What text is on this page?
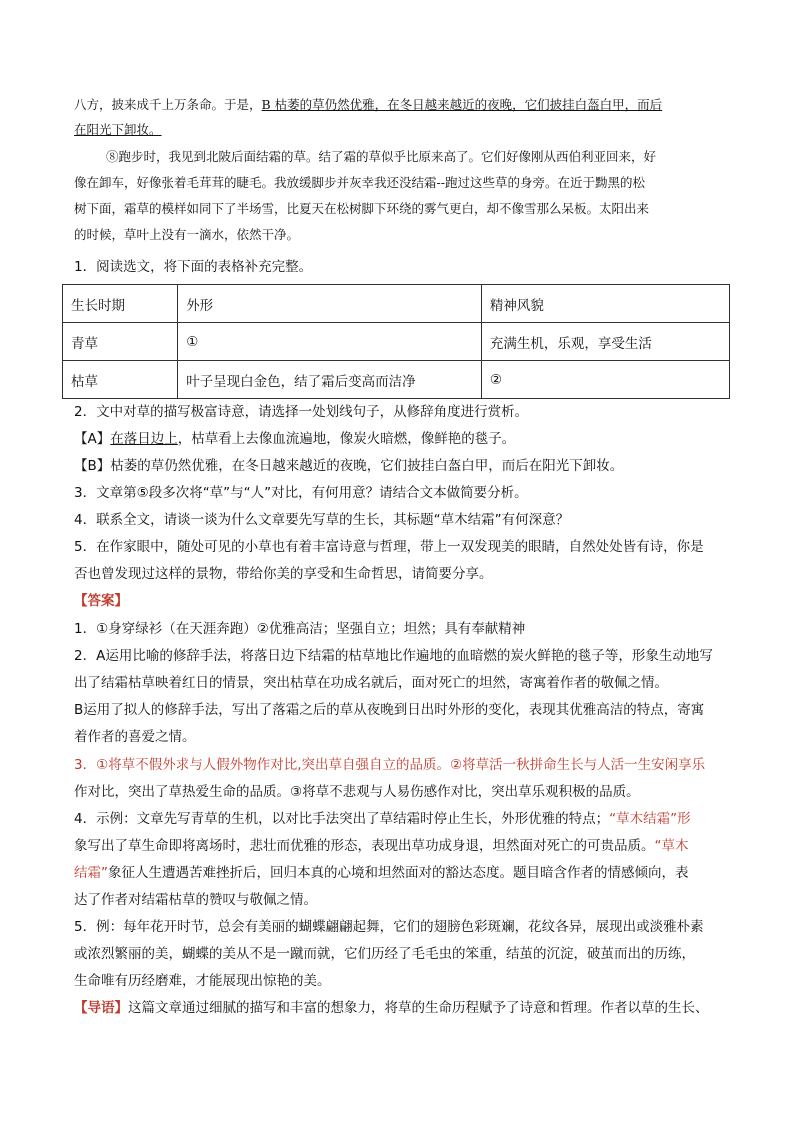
八方，披来成千上万条命。于是，B 枯萎的草仍然优雅，在冬日越来越近的夜晚，它们披挂白盔白甲，而后
在阳光下卸妆。
⑧跑步时，我见到北陂后面结霜的草。结了霜的草似乎比原来高了。它们好像刚从西伯利亚回来，好
像在卸车，好像张着毛茸茸的睫毛。我放缓脚步并灰幸我还没结霜--跑过这些草的身旁。在近于黝黑的松
树下面，霜草的模样如同下了半场雪，比夏天在松树脚下环绕的雾气更白，却不像雪那么呆板。太阳出来
的时候，草叶上没有一滴水，依然干净。
1．阅读选文，将下面的表格补充完整。
生长时期	外形	精神风貌
青草	①	充满生机，乐观，享受生活
枯草	叶子呈现白金色，结了霜后变高而洁净	②
2．文中对草的描写极富诗意，请选择一处划线句子，从修辞角度进行赏析。
【A】在落日边上，枯草看上去像血流遍地，像炭火暗燃，像鲜艳的毯子。
【B】枯萎的草仍然优雅，在冬日越来越近的夜晚，它们披挂白盔白甲，而后在阳光下卸妆。
3．文章第⑤段多次将“草”与“人”对比，有何用意？请结合文本做简要分析。
4．联系全文，请谈一谈为什么文章要先写草的生长，其标题“草木结霜”有何深意？
5．在作家眼中，随处可见的小草也有着丰富诗意与哲理，带上一双发现美的眼睛，自然处处皆有诗，你是
否也曾发现过这样的景物，带给你美的享受和生命哲思，请简要分享。
【答案】
1．①身穿绿衫（在天涯奔跑）②优雅高洁；坚强自立；坦然；具有奉献精神
2．A运用比喻的修辞手法，将落日边下结霜的枯草地比作遍地的血暗燃的炭火鲜艳的毯子等，形象生动地写
出了结霜枯草映着红日的情景，突出枯草在功成名就后，面对死亡的坦然，寄寓着作者的敬佩之情。
B运用了拟人的修辞手法，写出了落霜之后的草从夜晚到日出时外形的变化，表现其优雅高洁的特点，寄寓
着作者的喜爱之情。
3．①将草不假外求与人假外物作对比,突出草自强自立的品质。②将草活一秋拼命生长与人活一生安闲享乐
作对比，突出了草热爱生命的品质。③将草不悲观与人易伤感作对比，突出草乐观积极的品质。
4．示例：文章先写青草的生机，以对比手法突出了草结霜时停止生长，外形优雅的特点；“草木结霜”形
象写出了草生命即将离场时，悲壮而优雅的形态，表现出草功成身退，坦然面对死亡的可贵品质。“草木
结霜”象征人生遭遇苦难挫折后，回归本真的心境和坦然面对的豁达态度。题目暗含作者的情感倾向，表
达了作者对结霜枯草的赞叹与敬佩之情。
5．例：每年花开时节，总会有美丽的蝴蝶翩翩起舞，它们的翅膀色彩斑斓，花纹各异，展现出或淡雅朴素
或浓烈繁丽的美，蝴蝶的美从不是一蹴而就，它们历经了毛毛虫的笨重，结茧的沉淀，破茧而出的历练，
生命唯有历经磨难，才能展现出惊艳的美。
【导语】这篇文章通过细腻的描写和丰富的想象力，将草的生命历程赋予了诗意和哲理。作者以草的生长、
